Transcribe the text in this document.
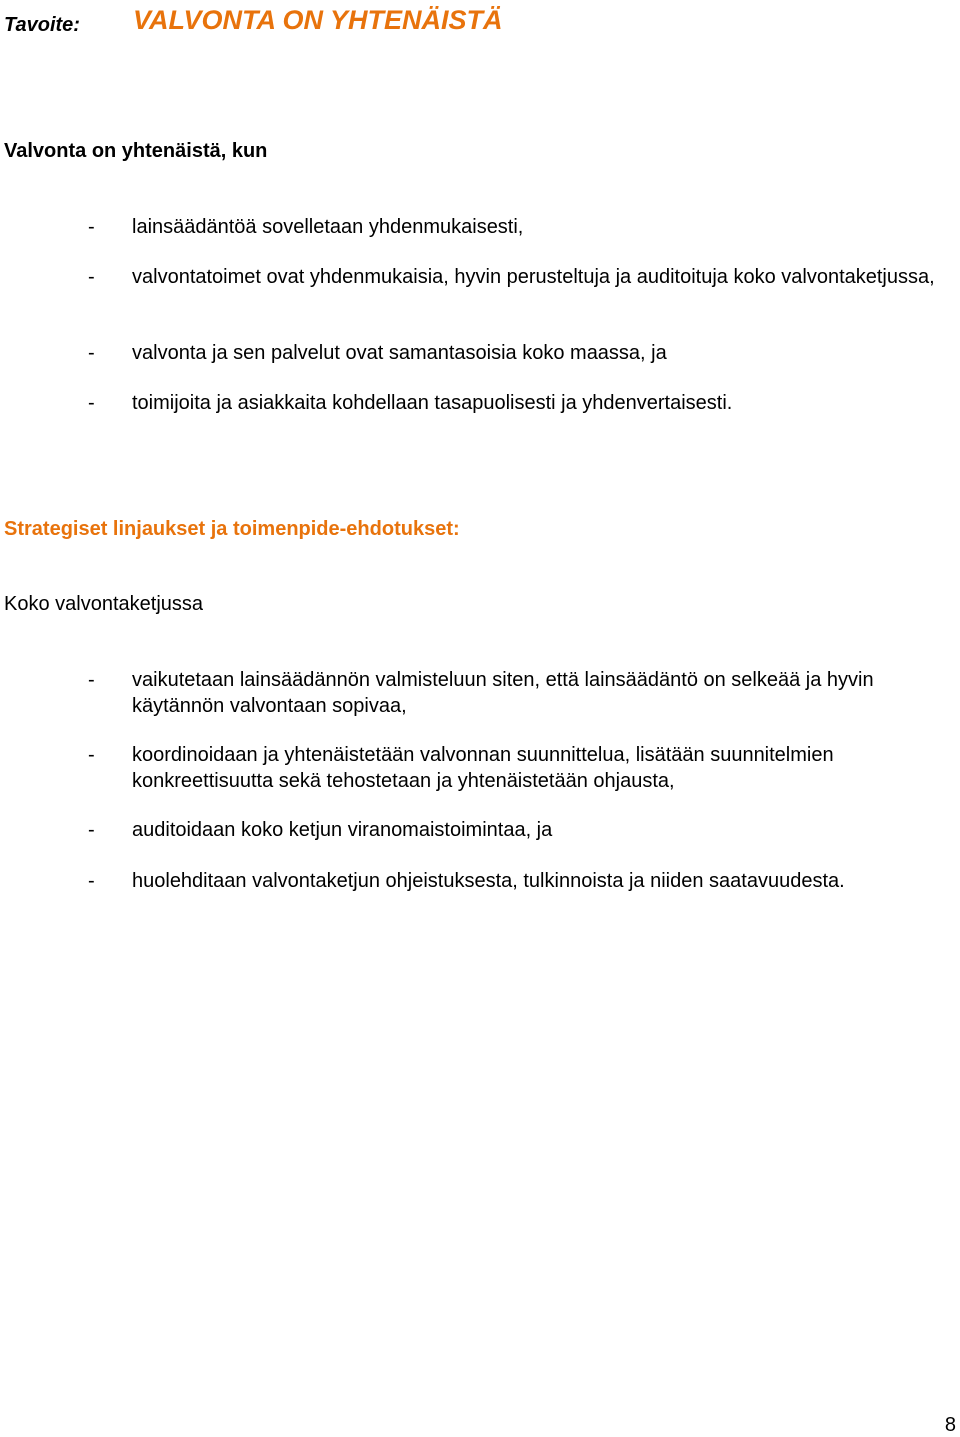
Tavoite: VALVONTA ON YHTENÄISTÄ
Valvonta on yhtenäistä, kun
- lainsäädäntöä sovelletaan yhdenmukaisesti,
- valvontatoimet ovat yhdenmukaisia, hyvin perusteltuja ja auditoituja koko valvontaketjussa,
- valvonta ja sen palvelut ovat samantasoisia koko maassa, ja
- toimijoita ja asiakkaita kohdellaan tasapuolisesti ja yhdenvertaisesti.
Strategiset linjaukset ja toimenpide-ehdotukset:
Koko valvontaketjussa
- vaikutetaan lainsäädännön valmisteluun siten, että lainsäädäntö on selkeää ja hyvin käytännön valvontaan sopivaa,
- koordinoidaan ja yhtenäistetään valvonnan suunnittelua, lisätään suunnitelmien konkreettisuutta sekä tehostetaan ja yhtenäistetään ohjausta,
- auditoidaan koko ketjun viranomaistoimintaa, ja
- huolehditaan valvontaketjun ohjeistuksesta, tulkinnoista ja niiden saatavuudesta.
8
